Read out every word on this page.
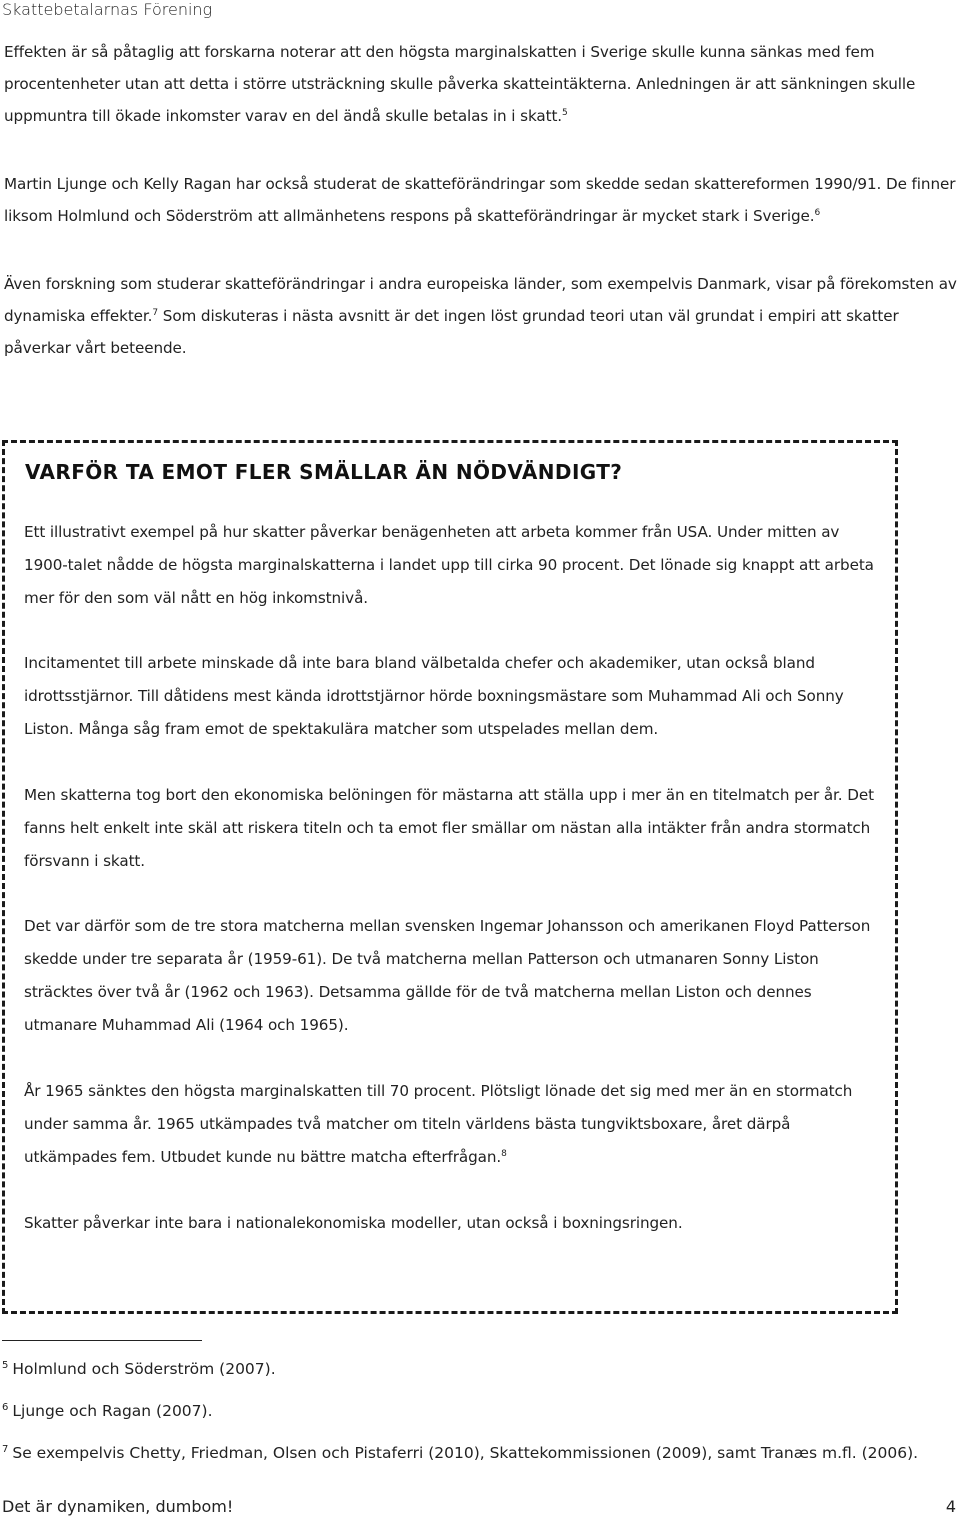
Skattebetalarnas Förening

Effekten är så påtaglig att forskarna noterar att den högsta marginalskatten i Sverige skulle kunna sänkas med fem procentenheter utan att detta i större utsträckning skulle påverka skatteintäkterna. Anledningen är att sänkningen skulle uppmuntra till ökade inkomster varav en del ändå skulle betalas in i skatt.$^5$

Martin Ljunge och Kelly Ragan har också studerat de skatteförändringar som skedde sedan skattereformen 1990/91. De finner liksom Holmlund och Söderström att allmänhetens respons på skatteförändringar är mycket stark i Sverige.$^6$

Även forskning som studerar skatteförändringar i andra europeiska länder, som exempelvis Danmark, visar på förekomsten av dynamiska effekter.$^7$ Som diskuteras i nästa avsnitt är det ingen löst grundad teori utan väl grundat i empiri att skatter påverkar vårt beteende.

VARFÖR TA EMOT FLER SMÄLLAR ÄN NÖDVÄNDIGT?

Ett illustrativt exempel på hur skatter påverkar benägenheten att arbeta kommer från USA. Under mitten av 1900-talet nådde de högsta marginalskatterna i landet upp till cirka 90 procent. Det lönade sig knappt att arbeta mer för den som väl nått en hög inkomstnivå.

Incitamentet till arbete minskade då inte bara bland välbetalda chefer och akademiker, utan också bland idrottsstjärnor. Till dåtidens mest kända idrottstjärnor hörde boxningsmästare som Muhammad Ali och Sonny Liston. Många såg fram emot de spektakulära matcher som utspelades mellan dem.

Men skatterna tog bort den ekonomiska belöningen för mästarna att ställa upp i mer än en titelmatch per år. Det fanns helt enkelt inte skäl att riskera titeln och ta emot fler smällar om nästan alla intäkter från andra stormatch försvann i skatt.

Det var därför som de tre stora matcherna mellan svensken Ingemar Johansson och amerikanen Floyd Patterson skedde under tre separata år (1959-61). De två matcherna mellan Patterson och utmanaren Sonny Liston sträcktes över två år (1962 och 1963). Detsamma gällde för de två matcherna mellan Liston och dennes utmanare Muhammad Ali (1964 och 1965).

År 1965 sänktes den högsta marginalskatten till 70 procent. Plötsligt lönade det sig med mer än en stormatch under samma år. 1965 utkämpades två matcher om titeln världens bästa tungviktsboxare, året därpå utkämpades fem. Utbudet kunde nu bättre matcha efterfrågan.$^8$

Skatter påverkar inte bara i nationalekonomiska modeller, utan också i boxningsringen.

$^5$ Holmlund och Söderström (2007).

$^6$ Ljunge och Ragan (2007).

$^7$ Se exempelvis Chetty, Friedman, Olsen och Pistaferri (2010), Skattekommissionen (2009), samt Tranæs m.fl. (2006).

Det är dynamiken, dumbom!	4
